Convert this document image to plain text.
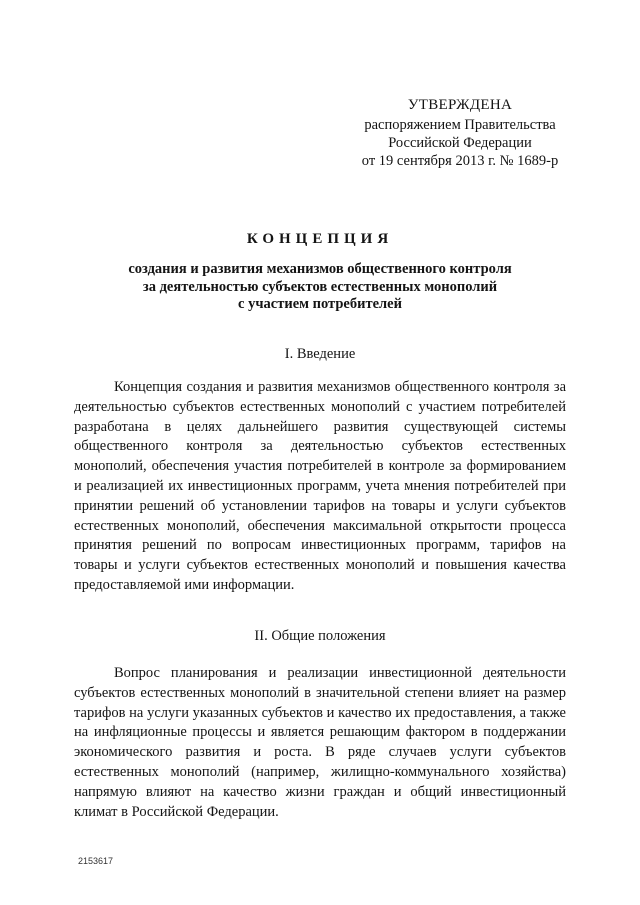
УТВЕРЖДЕНА
распоряжением Правительства
Российской Федерации
от 19 сентября 2013 г. № 1689-р
КОНЦЕПЦИЯ
создания и развития механизмов общественного контроля
за деятельностью субъектов естественных монополий
с участием потребителей
I. Введение

Концепция создания и развития механизмов общественного контроля за деятельностью субъектов естественных монополий с участием потребителей разработана в целях дальнейшего развития существующей системы общественного контроля за деятельностью субъектов естественных монополий, обеспечения участия потребителей в контроле за формированием и реализацией их инвестиционных программ, учета мнения потребителей при принятии решений об установлении тарифов на товары и услуги субъектов естественных монополий, обеспечения максимальной открытости процесса принятия решений по вопросам инвестиционных программ, тарифов на товары и услуги субъектов естественных монополий и повышения качества предоставляемой ими информации.

II. Общие положения

Вопрос планирования и реализации инвестиционной деятельности субъектов естественных монополий в значительной степени влияет на размер тарифов на услуги указанных субъектов и качество их предоставления, а также на инфляционные процессы и является решающим фактором в поддержании экономического развития и роста. В ряде случаев услуги субъектов естественных монополий (например, жилищно-коммунального хозяйства) напрямую влияют на качество жизни граждан и общий инвестиционный климат в Российской Федерации.

2153617
